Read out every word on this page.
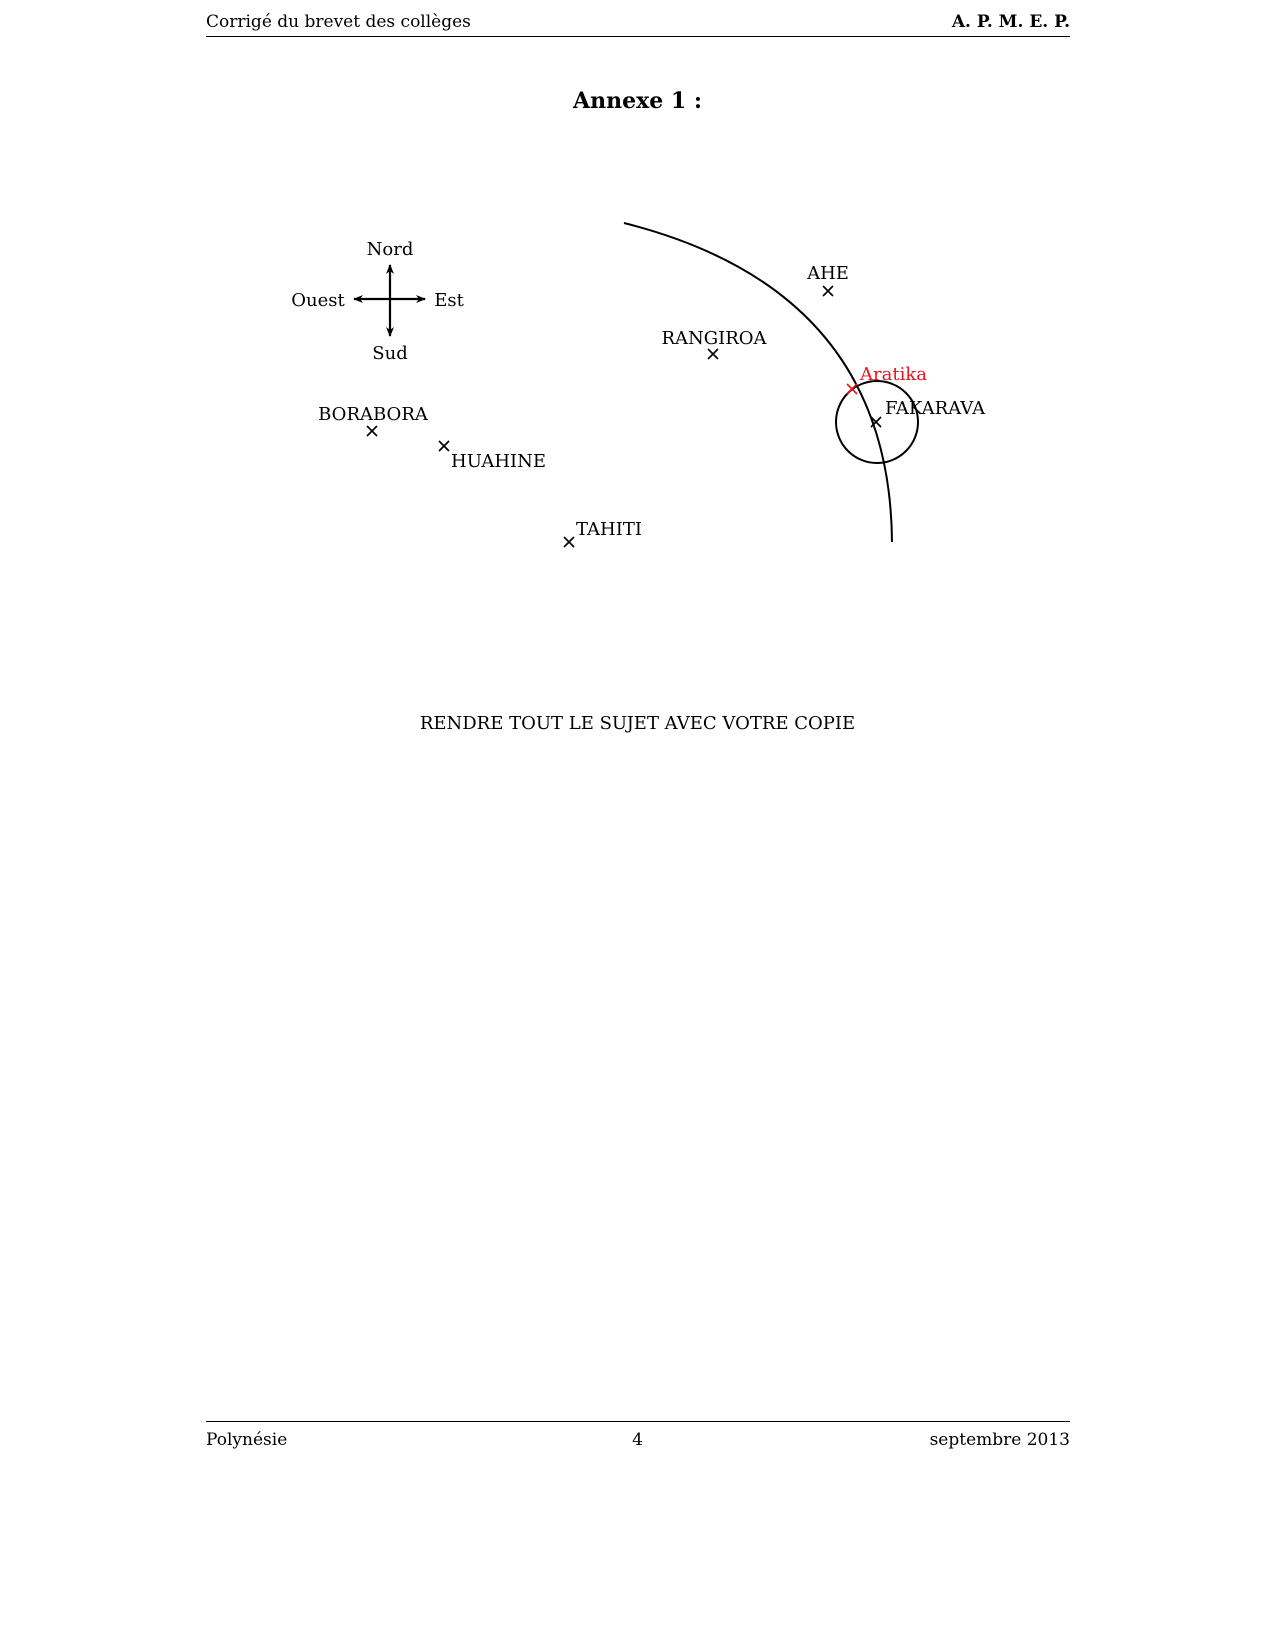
Corrigé du brevet des collèges	A. P. M. E. P.
Annexe 1 :
Nord
Sud
Ouest	Est
AHE
RANGIROA
Aratika
FAKARAVA
BORABORA
HUAHINE
TAHITI
RENDRE TOUT LE SUJET AVEC VOTRE COPIE
Polynésie	4	septembre 2013
